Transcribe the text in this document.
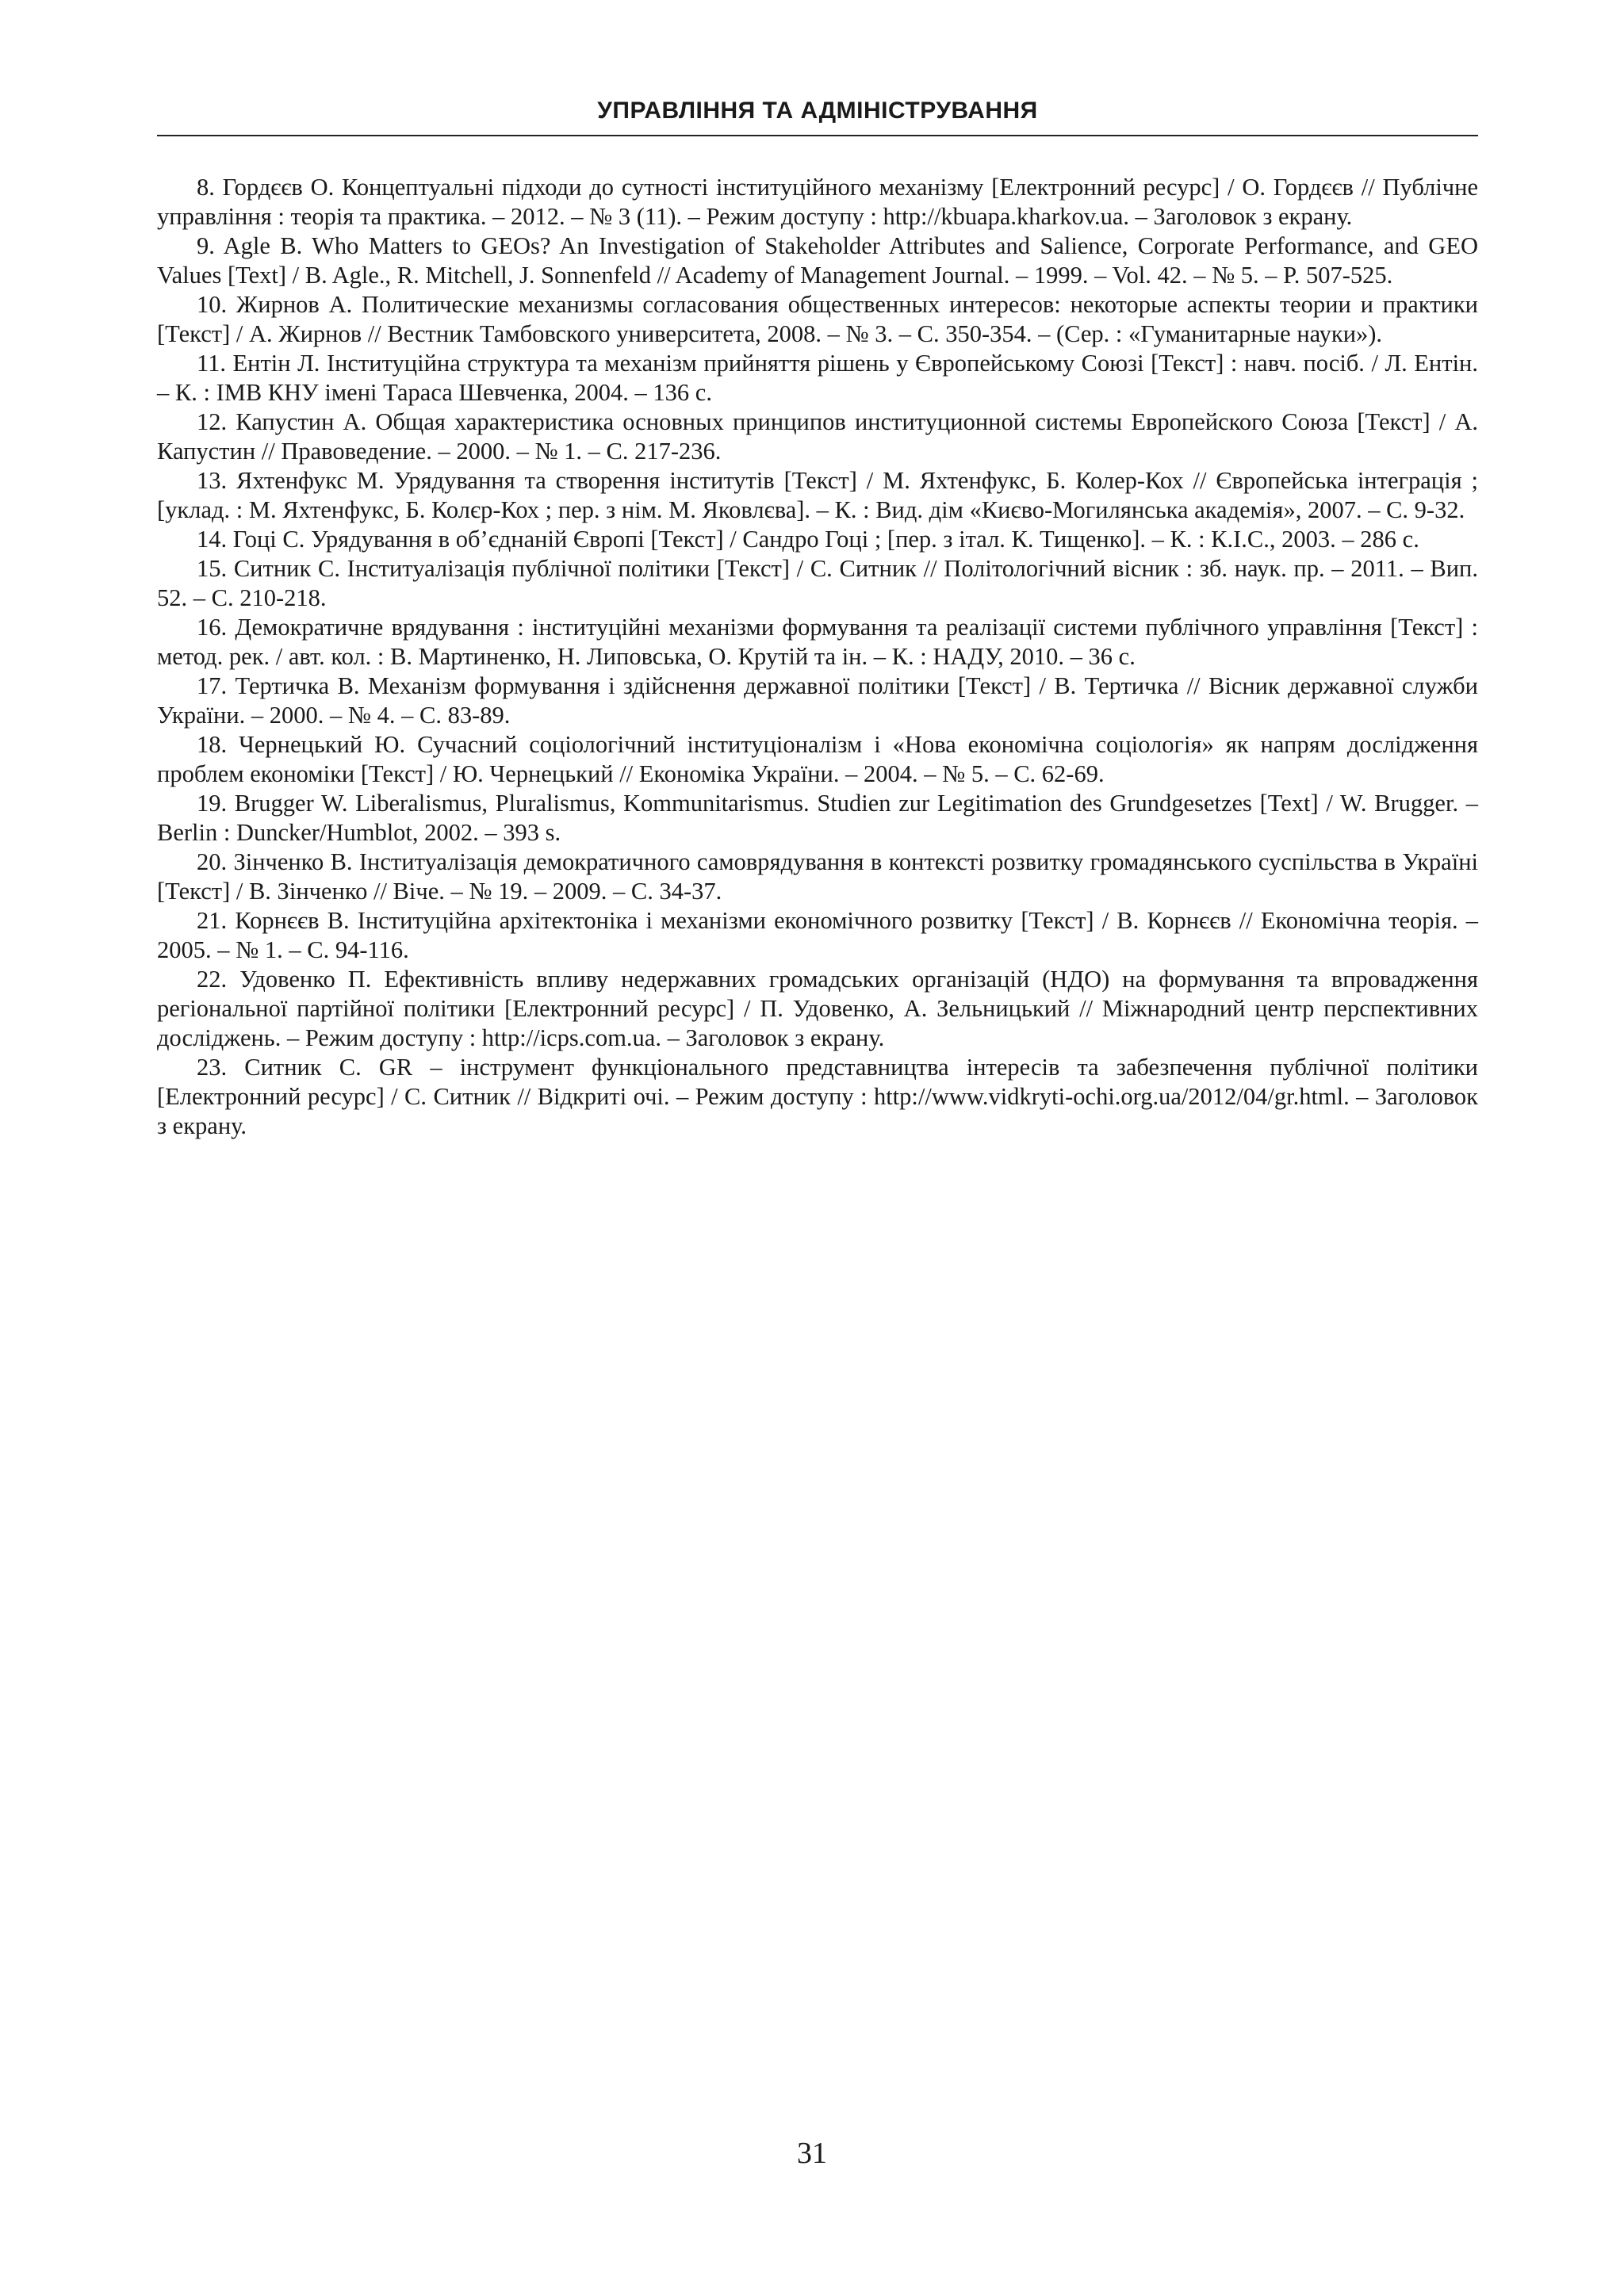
УПРАВЛІННЯ ТА АДМІНІСТРУВАННЯ

8. Гордєєв О. Концептуальні підходи до сутності інституційного механізму [Електронний ресурс] / О. Гордєєв // Публічне управління : теорія та практика. – 2012. – № 3 (11). – Режим доступу : http://kbuapa.kharkov.ua. – Заголовок з екрану.

9. Agle B. Who Matters to GEOs? An Investigation of Stakeholder Attributes and Salience, Corporate Performance, and GEO Values [Text] / B. Agle., R. Mitchell, J. Sonnenfeld // Academy of Management Journal. – 1999. – Vol. 42. – № 5. – P. 507-525.

10. Жирнов А. Политические механизмы согласования общественных интересов: некоторые аспекты теории и практики [Текст] / А. Жирнов // Вестник Тамбовского университета, 2008. – № 3. – С. 350-354. – (Сер. : «Гуманитарные науки»).

11. Ентін Л. Інституційна структура та механізм прийняття рішень у Європейському Союзі [Текст] : навч. посіб. / Л. Ентін. – К. : ІМВ КНУ імені Тараса Шевченка, 2004. – 136 с.

12. Капустин А. Общая характеристика основных принципов институционной системы Европейского Союза [Текст] / А. Капустин // Правоведение. – 2000. – № 1. – С. 217-236.

13. Яхтенфукс М. Урядування та створення інститутів [Текст] / М. Яхтенфукс, Б. Колер-Кох // Європейська інтеграція ; [уклад. : М. Яхтенфукс, Б. Колєр-Кох ; пер. з нім. М. Яковлєва]. – К. : Вид. дім «Києво-Могилянська академія», 2007. – С. 9-32.

14. Гоці С. Урядування в об’єднаній Європі [Текст] / Сандро Гоці ; [пер. з італ. К. Тищенко]. – К. : К.І.С., 2003. – 286 с.

15. Ситник С. Інституалізація публічної політики [Текст] / С. Ситник // Політологічний вісник : зб. наук. пр. – 2011. – Вип. 52. – С. 210-218.

16. Демократичне врядування : інституційні механізми формування та реалізації системи публічного управління [Текст] : метод. рек. / авт. кол. : В. Мартиненко, Н. Липовська, О. Крутій та ін. – К. : НАДУ, 2010. – 36 с.

17. Тертичка В. Механізм формування і здійснення державної політики [Текст] / В. Тертичка // Вісник державної служби України. – 2000. – № 4. – С. 83-89.

18. Чернецький Ю. Сучасний соціологічний інституціоналізм і «Нова економічна соціологія» як напрям дослідження проблем економіки [Текст] / Ю. Чернецький // Економіка України. – 2004. – № 5. – С. 62-69.

19. Brugger W. Liberalismus, Pluralismus, Kommunitarismus. Studien zur Legitimation des Grundgesetzes [Text] / W. Brugger. – Berlin : Duncker/Humblot, 2002. – 393 s.

20. Зінченко В. Інституалізація демократичного самоврядування в контексті розвитку громадянського суспільства в Україні [Текст] / В. Зінченко // Віче. – № 19. – 2009. – С. 34-37.

21. Корнєєв В. Інституційна архітектоніка і механізми економічного розвитку [Текст] / В. Корнєєв // Економічна теорія. – 2005. – № 1. – С. 94-116.

22. Удовенко П. Ефективність впливу недержавних громадських організацій (НДО) на формування та впровадження регіональної партійної політики [Електронний ресурс] / П. Удовенко, А. Зельницький // Міжнародний центр перспективних досліджень. – Режим доступу : http://icps.com.ua. – Заголовок з екрану.

23. Ситник С. GR – інструмент функціонального представництва інтересів та забезпечення публічної політики [Електронний ресурс] / С. Ситник // Відкриті очі. – Режим доступу : http://www.vidkryti-ochi.org.ua/2012/04/gr.html. – Заголовок з екрану.

31
